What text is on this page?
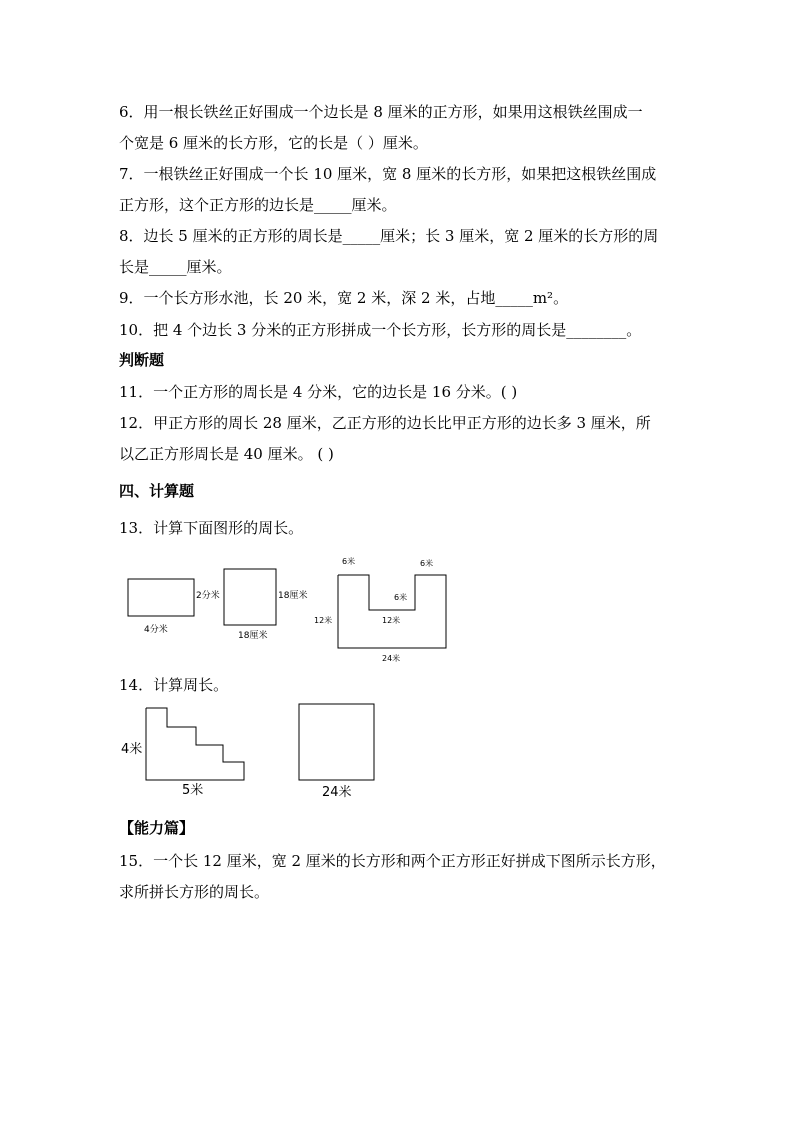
6．用一根长铁丝正好围成一个边长是 8 厘米的正方形，如果用这根铁丝围成一
个宽是 6 厘米的长方形，它的长是（ ）厘米。
7．一根铁丝正好围成一个长 10 厘米，宽 8 厘米的长方形，如果把这根铁丝围成
正方形，这个正方形的边长是_____厘米。
8．边长 5 厘米的正方形的周长是_____厘米；长 3 厘米，宽 2 厘米的长方形的周
长是_____厘米。
9．一个长方形水池，长 20 米，宽 2 米，深 2 米，占地_____m²。
10．把 4 个边长 3 分米的正方形拼成一个长方形，长方形的周长是________。
判断题
11．一个正方形的周长是 4 分米，它的边长是 16 分米。( )
12．甲正方形的周长 28 厘米，乙正方形的边长比甲正方形的边长多 3 厘米，所
以乙正方形周长是 40 厘米。 ( )
四、计算题
13．计算下面图形的周长。
2分米
4分米
18厘米
18厘米
6米	6米
6米
12米
12米
24米
14．计算周长。
4米
5米	24米
【能力篇】
15．一个长 12 厘米，宽 2 厘米的长方形和两个正方形正好拼成下图所示长方形，
求所拼长方形的周长。
